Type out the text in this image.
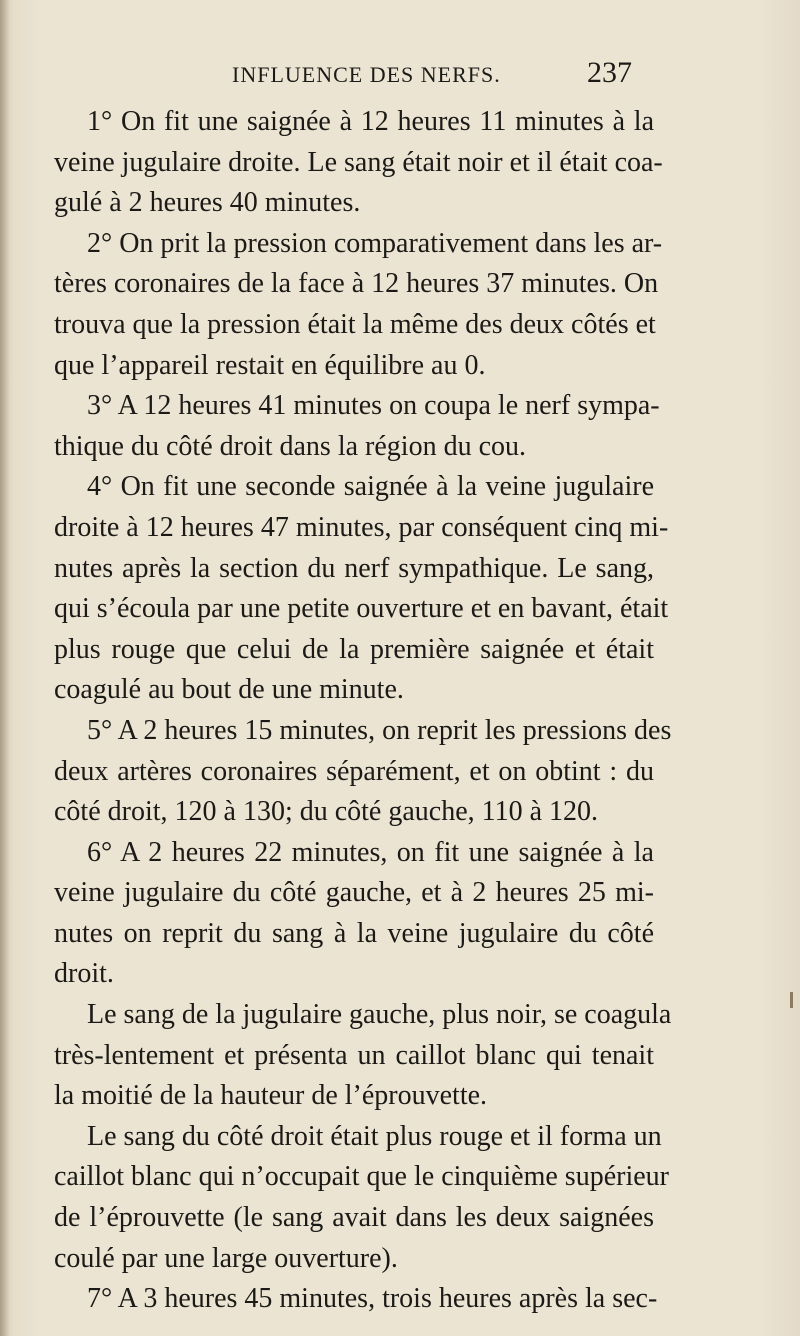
INFLUENCE DES NERFS.	237
1° On fit une saignée à 12 heures 11 minutes à la
veine jugulaire droite. Le sang était noir et il était coa-
gulé à 2 heures 40 minutes.
2° On prit la pression comparativement dans les ar-
tères coronaires de la face à 12 heures 37 minutes. On
trouva que la pression était la même des deux côtés et
que l’appareil restait en équilibre au 0.
3° A 12 heures 41 minutes on coupa le nerf sympa-
thique du côté droit dans la région du cou.
4° On fit une seconde saignée à la veine jugulaire
droite à 12 heures 47 minutes, par conséquent cinq mi-
nutes après la section du nerf sympathique. Le sang,
qui s’écoula par une petite ouverture et en bavant, était
plus rouge que celui de la première saignée et était
coagulé au bout de une minute.
5° A 2 heures 15 minutes, on reprit les pressions des
deux artères coronaires séparément, et on obtint : du
côté droit, 120 à 130; du côté gauche, 110 à 120.
6° A 2 heures 22 minutes, on fit une saignée à la
veine jugulaire du côté gauche, et à 2 heures 25 mi-
nutes on reprit du sang à la veine jugulaire du côté
droit.
Le sang de la jugulaire gauche, plus noir, se coagula
très-lentement et présenta un caillot blanc qui tenait
la moitié de la hauteur de l’éprouvette.
Le sang du côté droit était plus rouge et il forma un
caillot blanc qui n’occupait que le cinquième supérieur
de l’éprouvette (le sang avait dans les deux saignées
coulé par une large ouverture).
7° A 3 heures 45 minutes, trois heures après la sec-
